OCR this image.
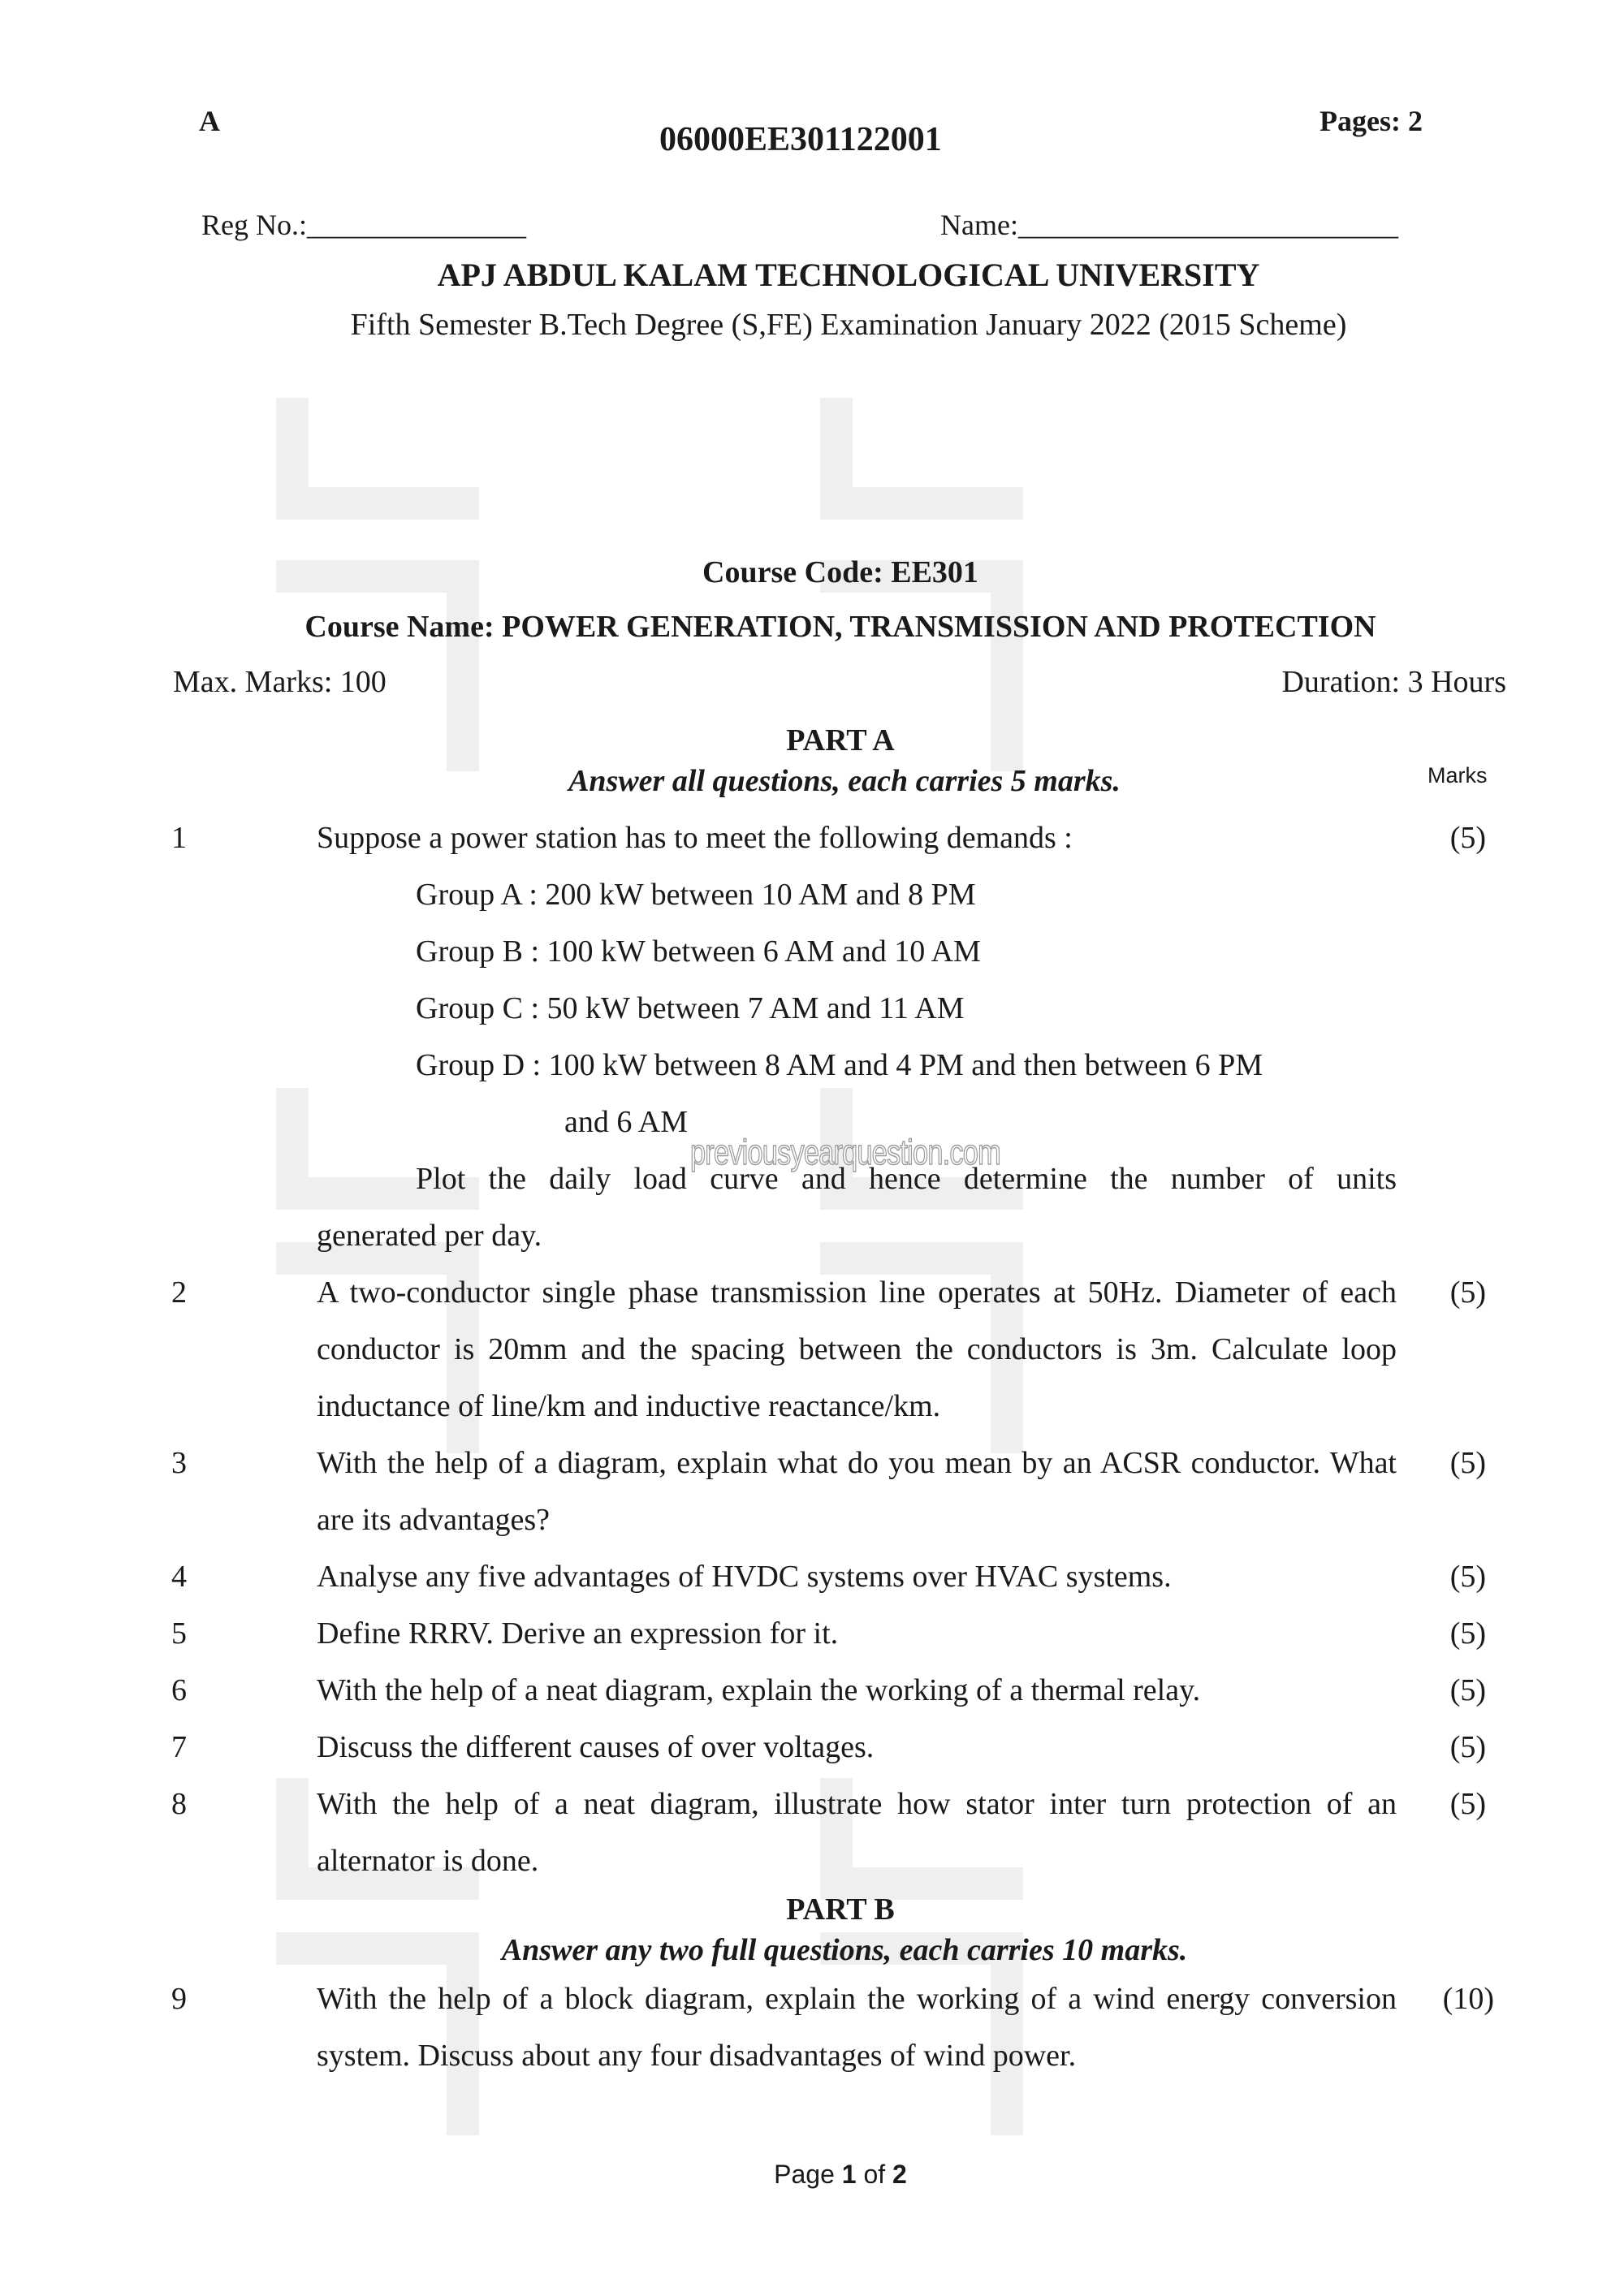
A	06000EE301122001	Pages: 2
Reg No.:_______________	Name:__________________________
APJ ABDUL KALAM TECHNOLOGICAL UNIVERSITY
Fifth Semester B.Tech Degree (S,FE) Examination January 2022 (2015 Scheme)
Course Code: EE301
Course Name: POWER GENERATION, TRANSMISSION AND PROTECTION
Max. Marks: 100	Duration: 3 Hours
PART A
Answer all questions, each carries 5 marks.	Marks
1	Suppose a power station has to meet the following demands :	(5)
Group A : 200 kW between 10 AM and 8 PM
Group B : 100 kW between 6 AM and 10 AM
Group C : 50 kW between 7 AM and 11 AM
Group D : 100 kW between 8 AM and 4 PM and then between 6 PM
and 6 AM
Plot the daily load curve and hence determine the number of units
generated per day.
previousyearquestion.com
2	A two-conductor single phase transmission line operates at 50Hz. Diameter of each conductor is 20mm and the spacing between the conductors is 3m. Calculate loop inductance of line/km and inductive reactance/km.
(5)
3	With the help of a diagram, explain what do you mean by an ACSR conductor. What are its advantages?
(5)
4	Analyse any five advantages of HVDC systems over HVAC systems.	(5)
5	Define RRRV. Derive an expression for it.	(5)
6	With the help of a neat diagram, explain the working of a thermal relay.	(5)
7	Discuss the different causes of over voltages.	(5)
8	With the help of a neat diagram, illustrate how stator inter turn protection of an alternator is done.
(5)
PART B
Answer any two full questions, each carries 10 marks.
9	With the help of a block diagram, explain the working of a wind energy conversion system. Discuss about any four disadvantages of wind power.
(10)
Page 1 of 2
